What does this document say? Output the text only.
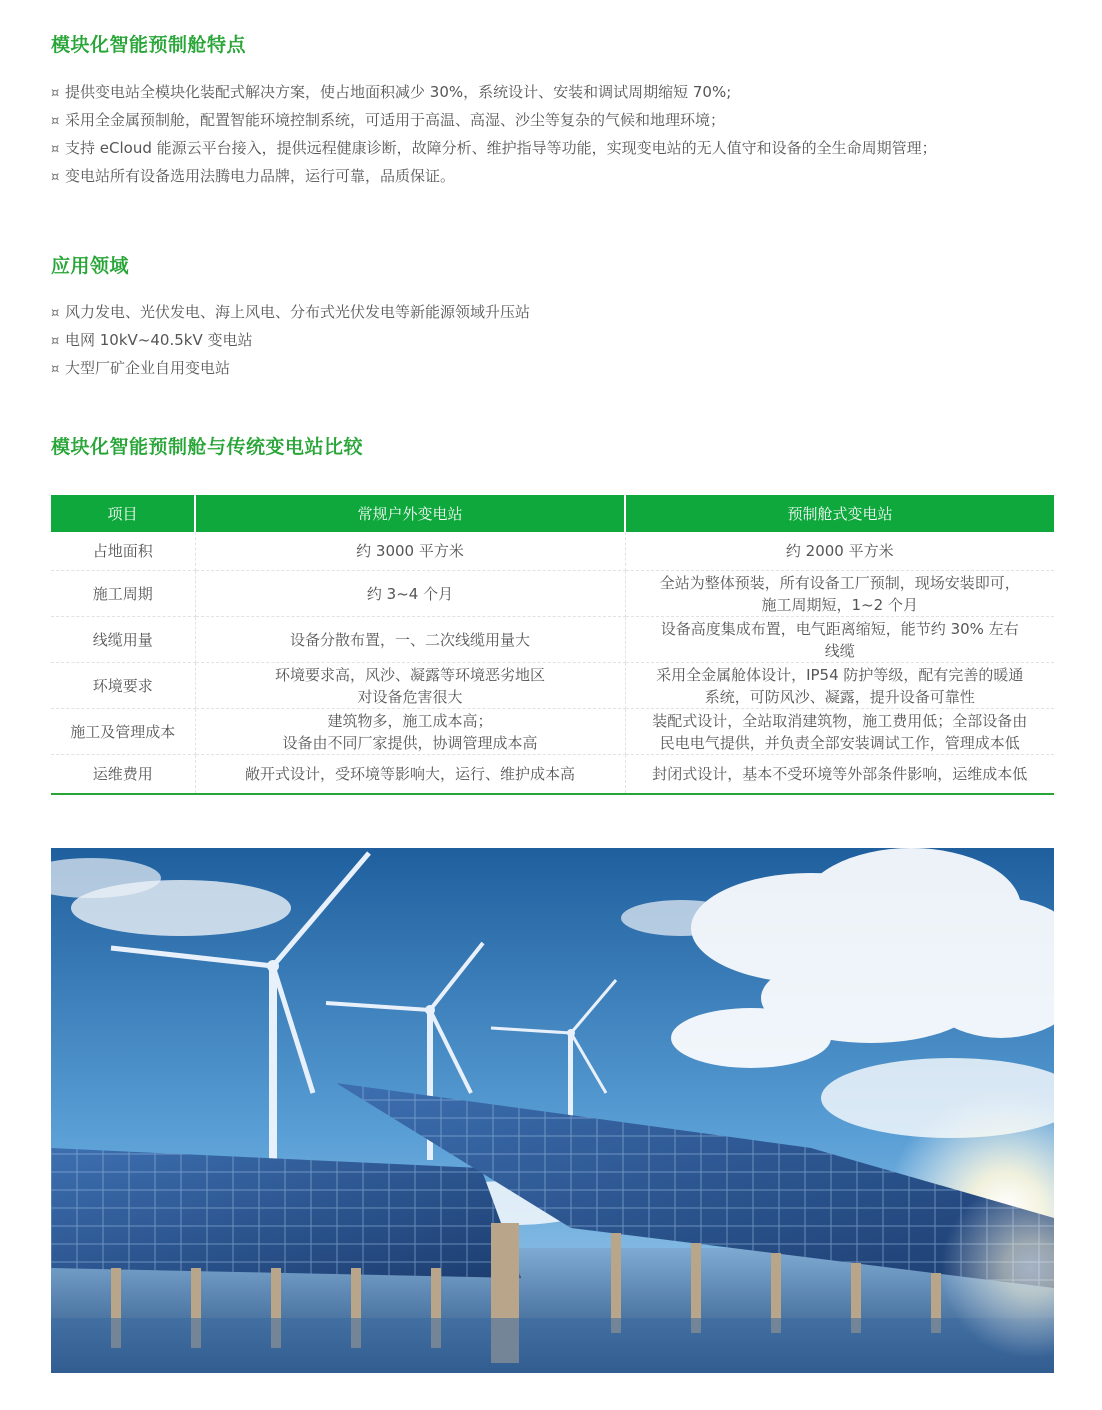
模块化智能预制舱特点
¤ 提供变电站全模块化装配式解决方案，使占地面积减少 30%，系统设计、安装和调试周期缩短 70%;
¤ 采用全金属预制舱，配置智能环境控制系统，可适用于高温、高湿、沙尘等复杂的气候和地理环境；
¤ 支持 eCloud 能源云平台接入，提供远程健康诊断，故障分析、维护指导等功能，实现变电站的无人值守和设备的全生命周期管理；
¤ 变电站所有设备选用法腾电力品牌，运行可靠，品质保证。
应用领域
¤ 风力发电、光伏发电、海上风电、分布式光伏发电等新能源领域升压站
¤ 电网 10kV~40.5kV 变电站
¤ 大型厂矿企业自用变电站
模块化智能预制舱与传统变电站比较
项目	常规户外变电站	预制舱式变电站
占地面积	约 3000 平方米	约 2000 平方米

施工周期	约 3~4 个月	全站为整体预装，所有设备工厂预制，现场安装即可，
施工周期短，1~2 个月

线缆用量	设备分散布置，一、二次线缆用量大	设备高度集成布置，电气距离缩短，能节约 30% 左右
线缆

环境要求	环境要求高，风沙、凝露等环境恶劣地区
对设备危害很大	采用全金属舱体设计，IP54 防护等级，配有完善的暖通
系统，可防风沙、凝露，提升设备可靠性

施工及管理成本	建筑物多，施工成本高；
设备由不同厂家提供，协调管理成本高	装配式设计，全站取消建筑物，施工费用低；全部设备由
民电电气提供，并负责全部安装调试工作，管理成本低

运维费用	敞开式设计，受环境等影响大，运行、维护成本高	封闭式设计，基本不受环境等外部条件影响，运维成本低
